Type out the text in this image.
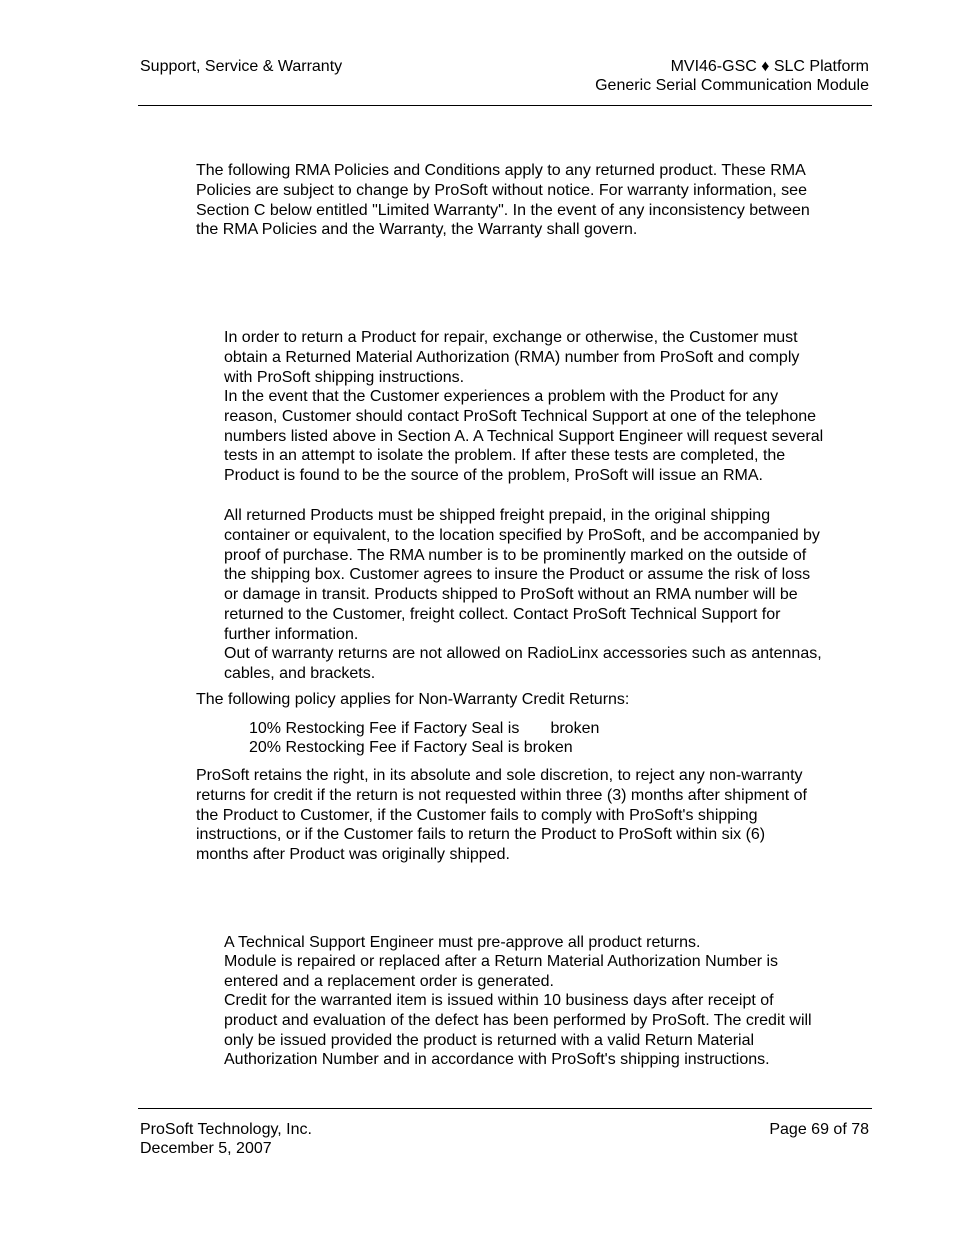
Support, Service & Warranty	MVI46-GSC ♦ SLC Platform
Generic Serial Communication Module

The following RMA Policies and Conditions apply to any returned product. These RMA Policies are subject to change by ProSoft without notice. For warranty information, see Section C below entitled "Limited Warranty". In the event of any inconsistency between the RMA Policies and the Warranty, the Warranty shall govern.

In order to return a Product for repair, exchange or otherwise, the Customer must obtain a Returned Material Authorization (RMA) number from ProSoft and comply with ProSoft shipping instructions.

In the event that the Customer experiences a problem with the Product for any reason, Customer should contact ProSoft Technical Support at one of the telephone numbers listed above in Section A. A Technical Support Engineer will request several tests in an attempt to isolate the problem. If after these tests are completed, the Product is found to be the source of the problem, ProSoft will issue an RMA.

All returned Products must be shipped freight prepaid, in the original shipping container or equivalent, to the location specified by ProSoft, and be accompanied by proof of purchase. The RMA number is to be prominently marked on the outside of the shipping box. Customer agrees to insure the Product or assume the risk of loss or damage in transit. Products shipped to ProSoft without an RMA number will be returned to the Customer, freight collect. Contact ProSoft Technical Support for further information.

Out of warranty returns are not allowed on RadioLinx accessories such as antennas, cables, and brackets.

The following policy applies for Non-Warranty Credit Returns:

10% Restocking Fee if Factory Seal is       broken
20% Restocking Fee if Factory Seal is broken

ProSoft retains the right, in its absolute and sole discretion, to reject any non-warranty returns for credit if the return is not requested within three (3) months after shipment of the Product to Customer, if the Customer fails to comply with ProSoft's shipping instructions, or if the Customer fails to return the Product to ProSoft within six (6) months after Product was originally shipped.

A Technical Support Engineer must pre-approve all product returns.

Module is repaired or replaced after a Return Material Authorization Number is entered and a replacement order is generated.

Credit for the warranted item is issued within 10 business days after receipt of product and evaluation of the defect has been performed by ProSoft. The credit will only be issued provided the product is returned with a valid Return Material Authorization Number and in accordance with ProSoft's shipping instructions.

ProSoft Technology, Inc.
December 5, 2007
Page 69 of 78
